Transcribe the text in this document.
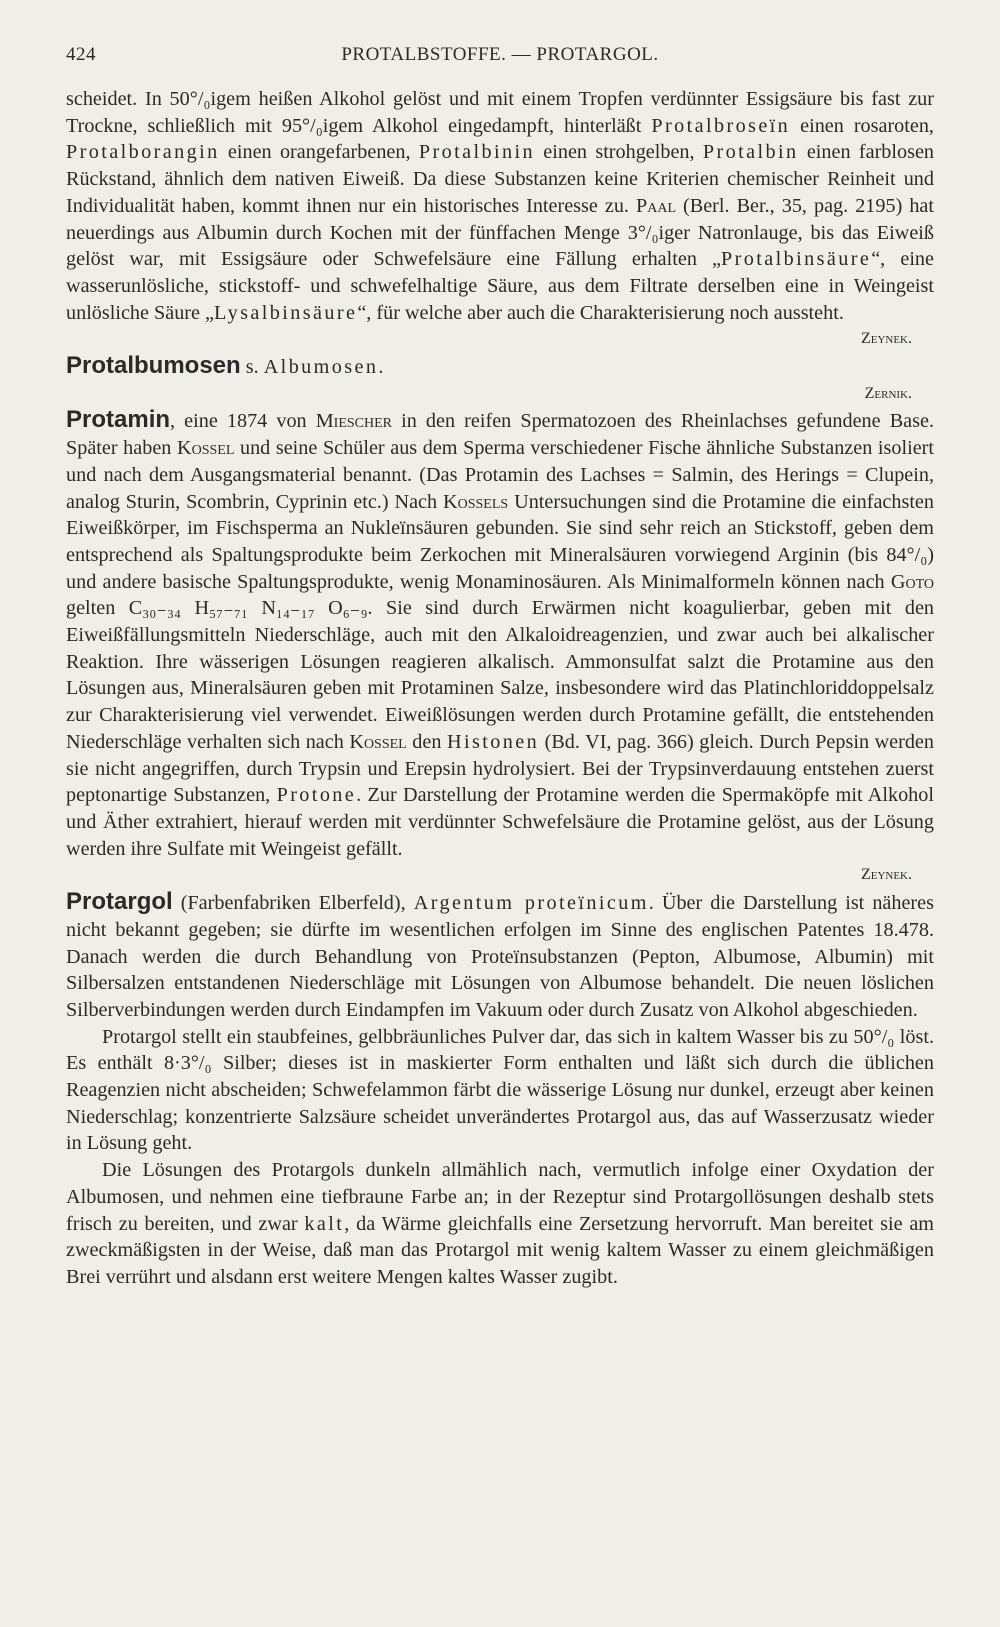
424	PROTALBSTOFFE. — PROTARGOL.

scheidet. In 50°/₀igem heißen Alkohol gelöst und mit einem Tropfen verdünnter Essigsäure bis fast zur Trockne, schließlich mit 95°/₀igem Alkohol eingedampft, hinterläßt Protalbroseïn einen rosaroten, Protalborangin einen orangefarbenen, Protalbinin einen strohgelben, Protalbin einen farblosen Rückstand, ähnlich dem nativen Eiweiß. Da diese Substanzen keine Kriterien chemischer Reinheit und Individualität haben, kommt ihnen nur ein historisches Interesse zu. Paal (Berl. Ber., 35, pag. 2195) hat neuerdings aus Albumin durch Kochen mit der fünffachen Menge 3°/₀iger Natronlauge, bis das Eiweiß gelöst war, mit Essigsäure oder Schwefelsäure eine Fällung erhalten „Protalbinsäure“, eine wasserunlösliche, stickstoff- und schwefelhaltige Säure, aus dem Filtrate derselben eine in Weingeist unlösliche Säure „Lysalbinsäure“, für welche aber auch die Charakterisierung noch aussteht.

Zeynek.

Protalbumosen s. Albumosen.

Zernik.

Protamin, eine 1874 von Miescher in den reifen Spermatozoen des Rheinlachses gefundene Base. Später haben Kossel und seine Schüler aus dem Sperma verschiedener Fische ähnliche Substanzen isoliert und nach dem Ausgangsmaterial benannt. (Das Protamin des Lachses = Salmin, des Herings = Clupein, analog Sturin, Scombrin, Cyprinin etc.) Nach Kossels Untersuchungen sind die Protamine die einfachsten Eiweißkörper, im Fischsperma an Nukleïnsäuren gebunden. Sie sind sehr reich an Stickstoff, geben dem entsprechend als Spaltungsprodukte beim Zerkochen mit Mineralsäuren vorwiegend Arginin (bis 84°/₀) und andere basische Spaltungsprodukte, wenig Monaminosäuren. Als Minimalformeln können nach Goto gelten C₃₀₋₃₄ H₅₇₋₇₁ N₁₄₋₁₇ O₆₋₉. Sie sind durch Erwärmen nicht koagulierbar, geben mit den Eiweißfällungsmitteln Niederschläge, auch mit den Alkaloidreagenzien, und zwar auch bei alkalischer Reaktion. Ihre wässerigen Lösungen reagieren alkalisch. Ammonsulfat salzt die Protamine aus den Lösungen aus, Mineralsäuren geben mit Protaminen Salze, insbesondere wird das Platinchloriddoppelsalz zur Charakterisierung viel verwendet. Eiweißlösungen werden durch Protamine gefällt, die entstehenden Niederschläge verhalten sich nach Kossel den Histonen (Bd. VI, pag. 366) gleich. Durch Pepsin werden sie nicht angegriffen, durch Trypsin und Erepsin hydrolysiert. Bei der Trypsinverdauung entstehen zuerst peptonartige Substanzen, Protone. Zur Darstellung der Protamine werden die Spermaköpfe mit Alkohol und Äther extrahiert, hierauf werden mit verdünnter Schwefelsäure die Protamine gelöst, aus der Lösung werden ihre Sulfate mit Weingeist gefällt.

Zeynek.

Protargol (Farbenfabriken Elberfeld), Argentum proteïnicum. Über die Darstellung ist näheres nicht bekannt gegeben; sie dürfte im wesentlichen erfolgen im Sinne des englischen Patentes 18.478. Danach werden die durch Behandlung von Proteïnsubstanzen (Pepton, Albumose, Albumin) mit Silbersalzen entstandenen Niederschläge mit Lösungen von Albumose behandelt. Die neuen löslichen Silberverbindungen werden durch Eindampfen im Vakuum oder durch Zusatz von Alkohol abgeschieden.

Protargol stellt ein staubfeines, gelbbräunliches Pulver dar, das sich in kaltem Wasser bis zu 50°/₀ löst. Es enthält 8·3°/₀ Silber; dieses ist in maskierter Form enthalten und läßt sich durch die üblichen Reagenzien nicht abscheiden; Schwefelammon färbt die wässerige Lösung nur dunkel, erzeugt aber keinen Niederschlag; konzentrierte Salzsäure scheidet unverändertes Protargol aus, das auf Wasserzusatz wieder in Lösung geht.

Die Lösungen des Protargols dunkeln allmählich nach, vermutlich infolge einer Oxydation der Albumosen, und nehmen eine tiefbraune Farbe an; in der Rezeptur sind Protargollösungen deshalb stets frisch zu bereiten, und zwar kalt, da Wärme gleichfalls eine Zersetzung hervorruft. Man bereitet sie am zweckmäßigsten in der Weise, daß man das Protargol mit wenig kaltem Wasser zu einem gleichmäßigen Brei verrührt und alsdann erst weitere Mengen kaltes Wasser zugibt.
